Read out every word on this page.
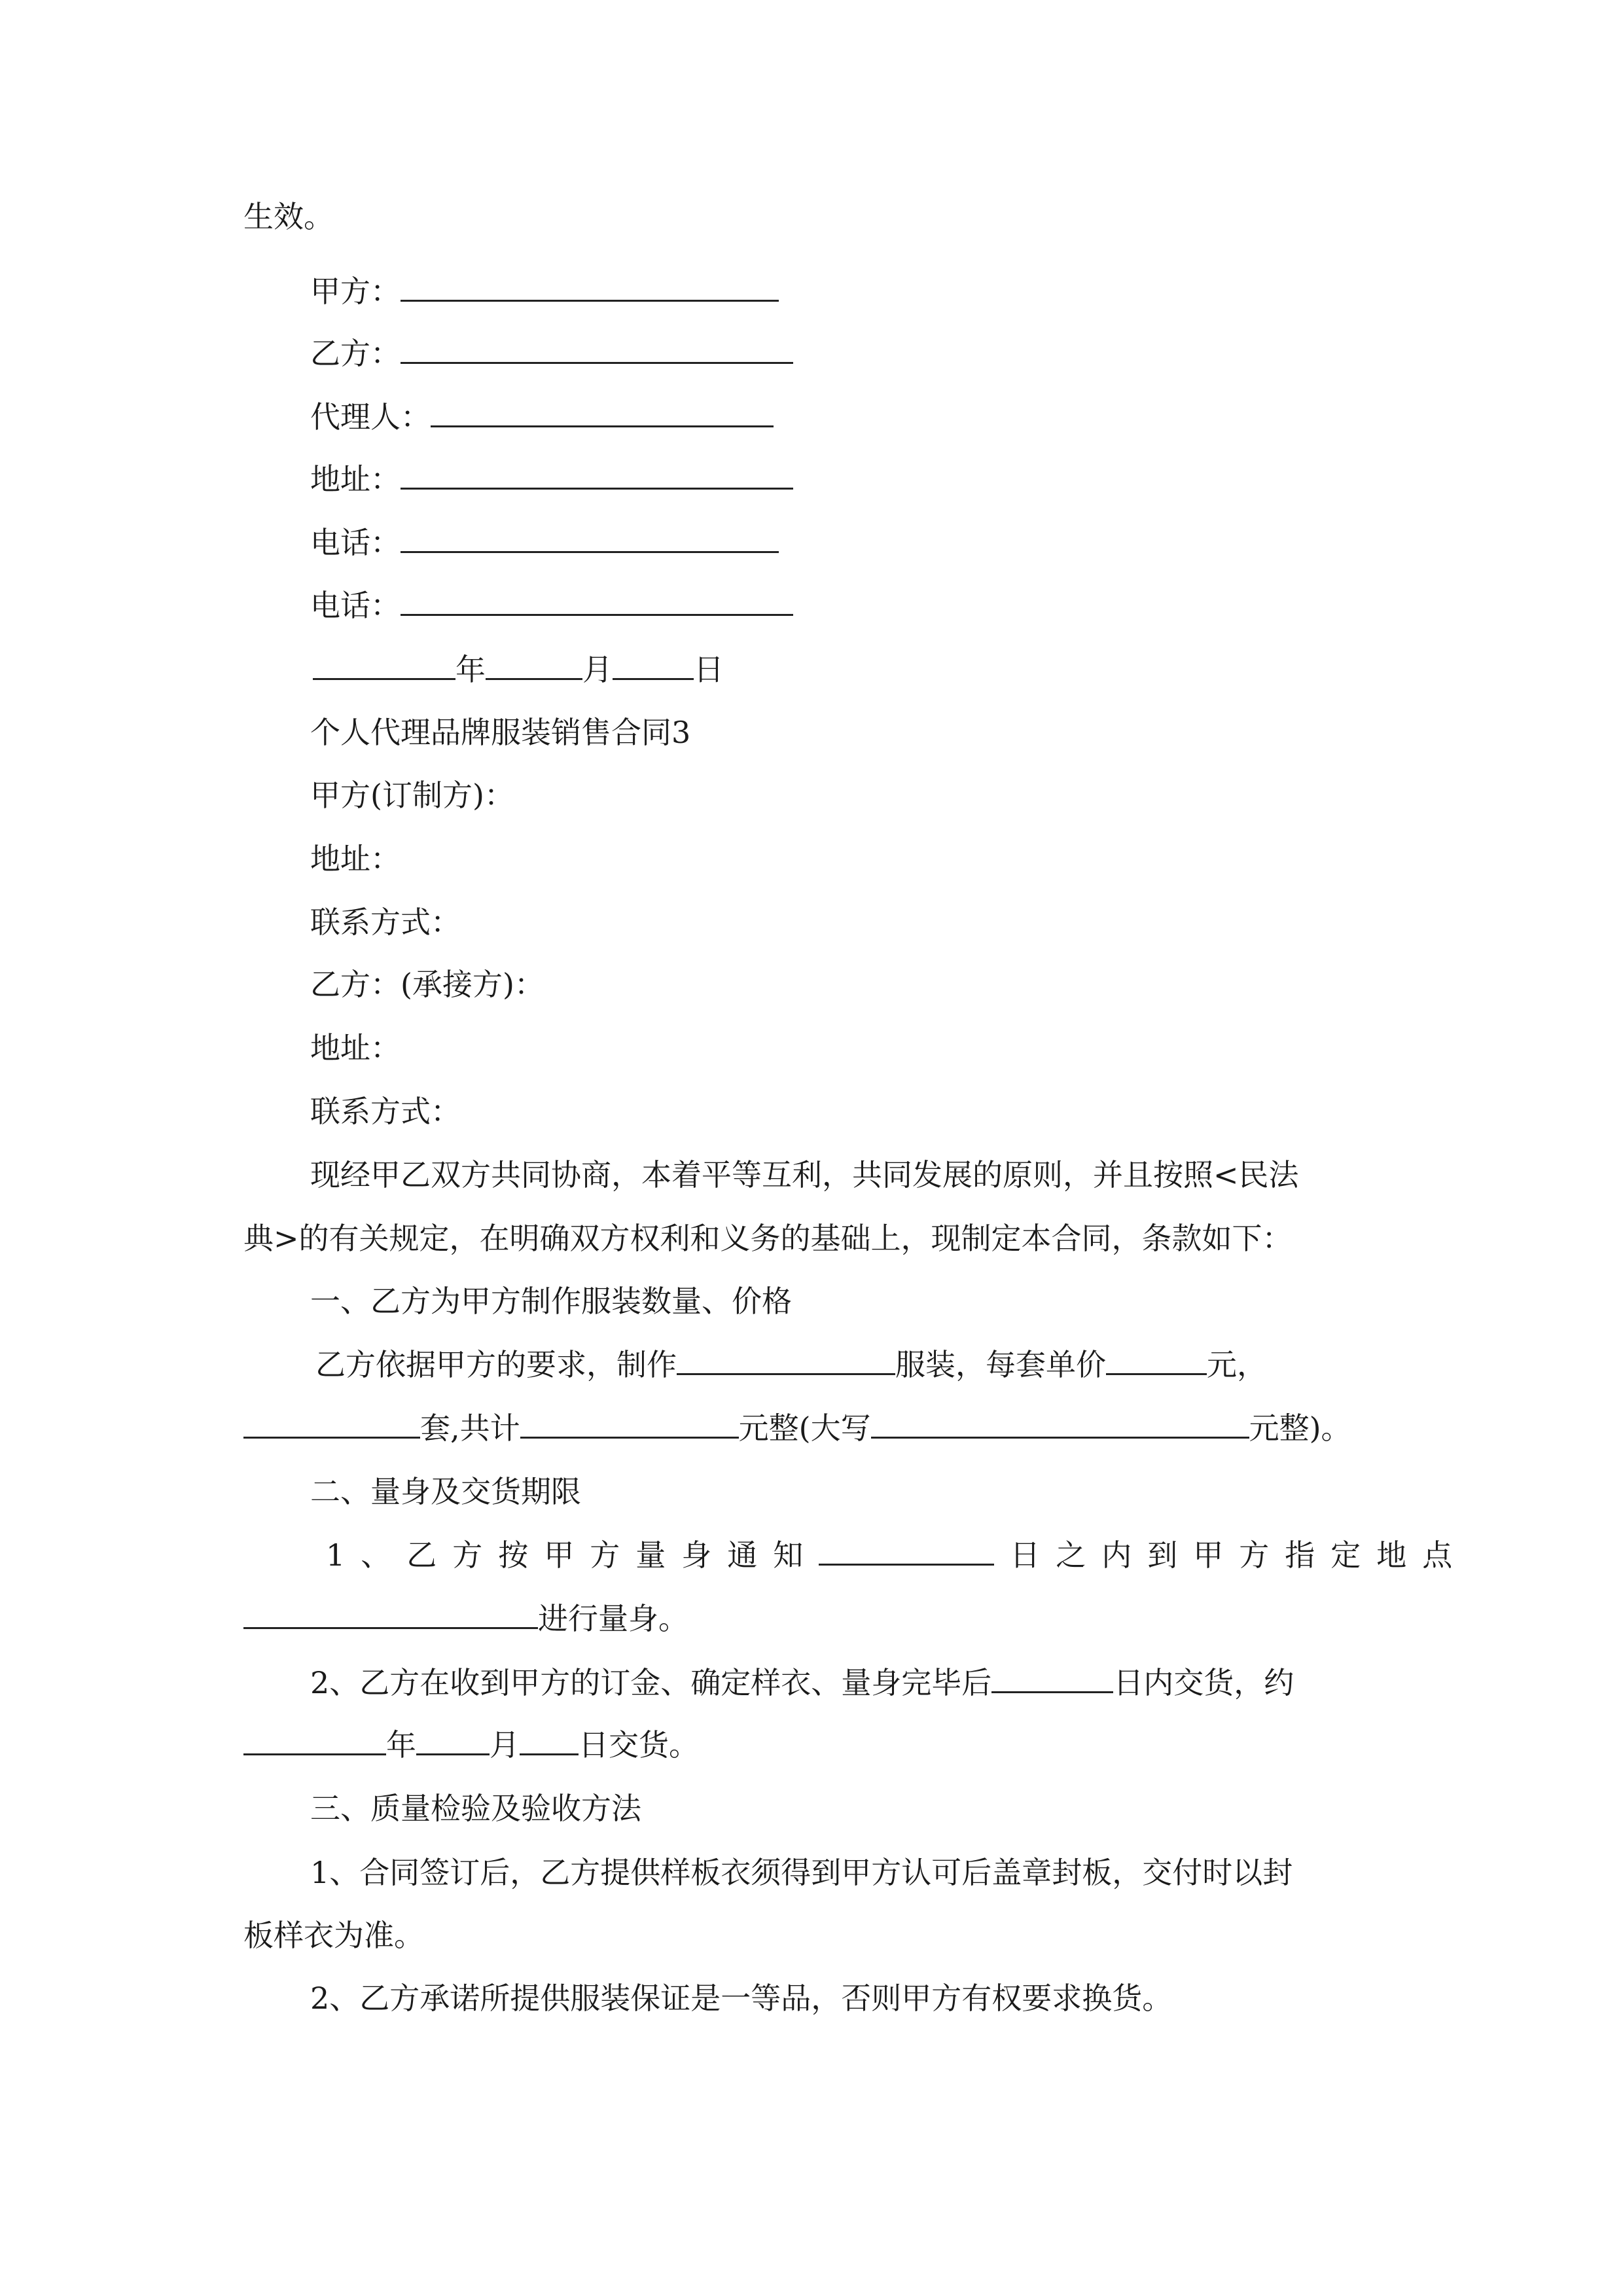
生效。
甲方：
乙方：
代理人：
地址：
电话：
电话：
年	月	日
个人代理品牌服装销售合同3
甲方(订制方)：
地址：
联系方式：
乙方：(承接方)：
地址：
联系方式：
现经甲乙双方共同协商，本着平等互利，共同发展的原则，并且按照<民法
典>的有关规定，在明确双方权利和义务的基础上，现制定本合同，条款如下：
一、乙方为甲方制作服装数量、价格
乙方依据甲方的要求，制作	服装，每套单价	元，
套,共计	元整(大写	元整)。
二、量身及交货期限
1、乙方按甲方量身通知	日之内到甲方指定地点
进行量身。
2、乙方在收到甲方的订金、确定样衣、量身完毕后	日内交货，约
年 月 日交货。
三、质量检验及验收方法
1、合同签订后，乙方提供样板衣须得到甲方认可后盖章封板，交付时以封
板样衣为准。
2、乙方承诺所提供服装保证是一等品，否则甲方有权要求换货。
